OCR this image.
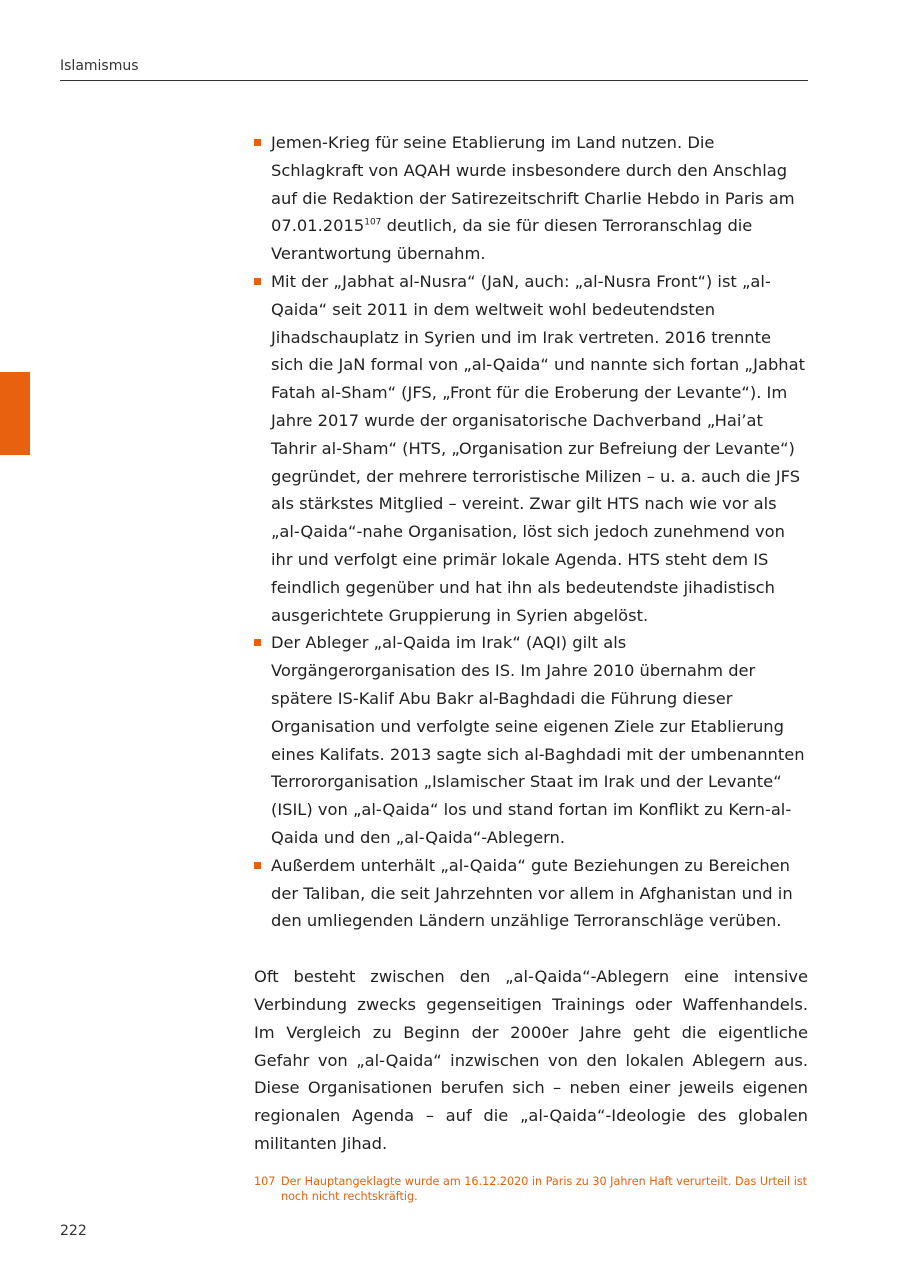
Islamismus
Jemen-Krieg für seine Etablierung im Land nutzen. Die Schlagkraft von AQAH wurde insbesondere durch den Anschlag auf die Redaktion der Satirezeitschrift Charlie Hebdo in Paris am 07.01.2015$^{107}$ deutlich, da sie für diesen Terroranschlag die Verantwortung übernahm.
Mit der „Jabhat al-Nusra“ (JaN, auch: „al-Nusra Front“) ist „al-Qaida“ seit 2011 in dem weltweit wohl bedeutendsten Jihadschauplatz in Syrien und im Irak vertreten. 2016 trennte sich die JaN formal von „al-Qaida“ und nannte sich fortan „Jabhat Fatah al-Sham“ (JFS, „Front für die Eroberung der Levante“). Im Jahre 2017 wurde der organisatorische Dachverband „Hai’at Tahrir al-Sham“ (HTS, „Organisation zur Befreiung der Levante“) gegründet, der mehrere terroristische Milizen – u. a. auch die JFS als stärkstes Mitglied – vereint. Zwar gilt HTS nach wie vor als „al-Qaida“-nahe Organisation, löst sich jedoch zunehmend von ihr und verfolgt eine primär lokale Agenda. HTS steht dem IS feindlich gegenüber und hat ihn als bedeutendste jihadistisch ausgerichtete Gruppierung in Syrien abgelöst.
Der Ableger „al-Qaida im Irak“ (AQI) gilt als Vorgängerorganisation des IS. Im Jahre 2010 übernahm der spätere IS-Kalif Abu Bakr al-Baghdadi die Führung dieser Organisation und verfolgte seine eigenen Ziele zur Etablierung eines Kalifats. 2013 sagte sich al-Baghdadi mit der umbenannten Terrororganisation „Islamischer Staat im Irak und der Levante“ (ISIL) von „al-Qaida“ los und stand fortan im Konflikt zu Kern-al-Qaida und den „al-Qaida“-Ablegern.
Außerdem unterhält „al-Qaida“ gute Beziehungen zu Bereichen der Taliban, die seit Jahrzehnten vor allem in Afghanistan und in den umliegenden Ländern unzählige Terroranschläge verüben.

Oft besteht zwischen den „al-Qaida“-Ablegern eine intensive Verbindung zwecks gegenseitigen Trainings oder Waffenhandels. Im Vergleich zu Beginn der 2000er Jahre geht die eigentliche Gefahr von „al-Qaida“ inzwischen von den lokalen Ablegern aus. Diese Organisationen berufen sich – neben einer jeweils eigenen regionalen Agenda – auf die „al-Qaida“-Ideologie des globalen militanten Jihad.

107 Der Hauptangeklagte wurde am 16.12.2020 in Paris zu 30 Jahren Haft verurteilt. Das Urteil ist noch nicht rechtskräftig.
222
